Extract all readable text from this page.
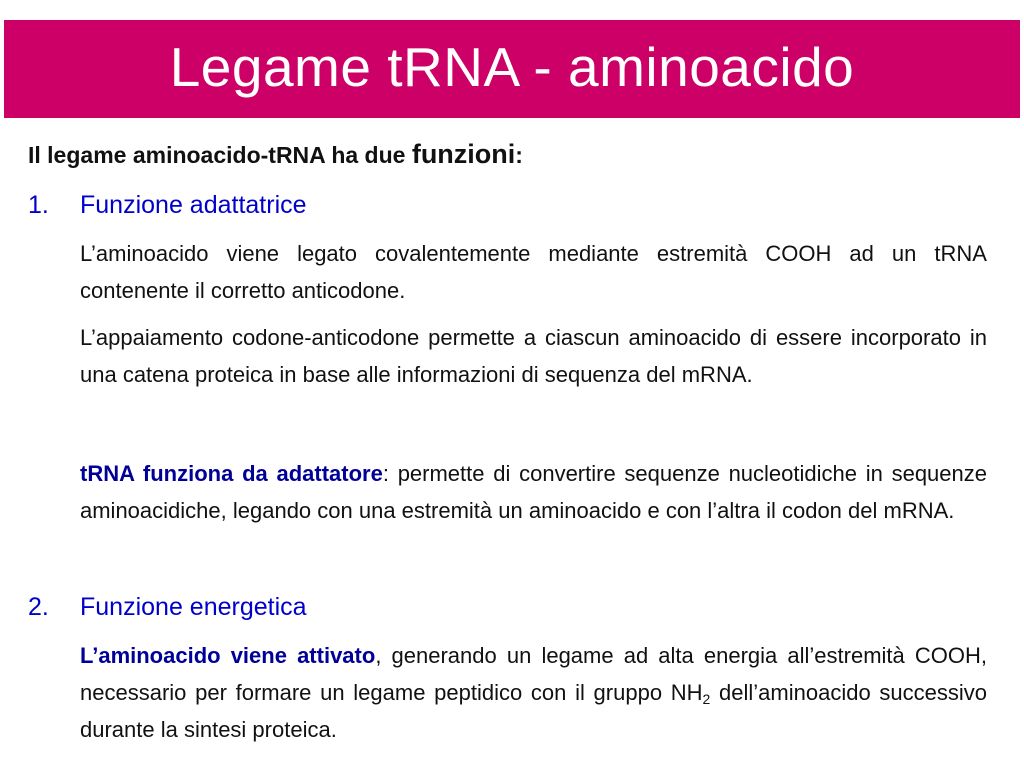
Legame tRNA - aminoacido
Il legame aminoacido-tRNA ha due funzioni:
1. Funzione adattatrice
L’aminoacido viene legato covalentemente mediante estremità COOH ad un tRNA contenente il corretto anticodone.
L’appaiamento codone-anticodone permette a ciascun aminoacido di essere incorporato in una catena proteica in base alle informazioni di sequenza del mRNA.
tRNA funziona da adattatore: permette di convertire sequenze nucleotidiche in sequenze aminoacidiche, legando con una estremità un aminoacido e con l’altra il codon del mRNA.
2. Funzione energetica
L’aminoacido viene attivato, generando un legame ad alta energia all’estremità COOH, necessario per formare un legame peptidico con il gruppo $NH_2$ dell’aminoacido successivo durante la sintesi proteica.
